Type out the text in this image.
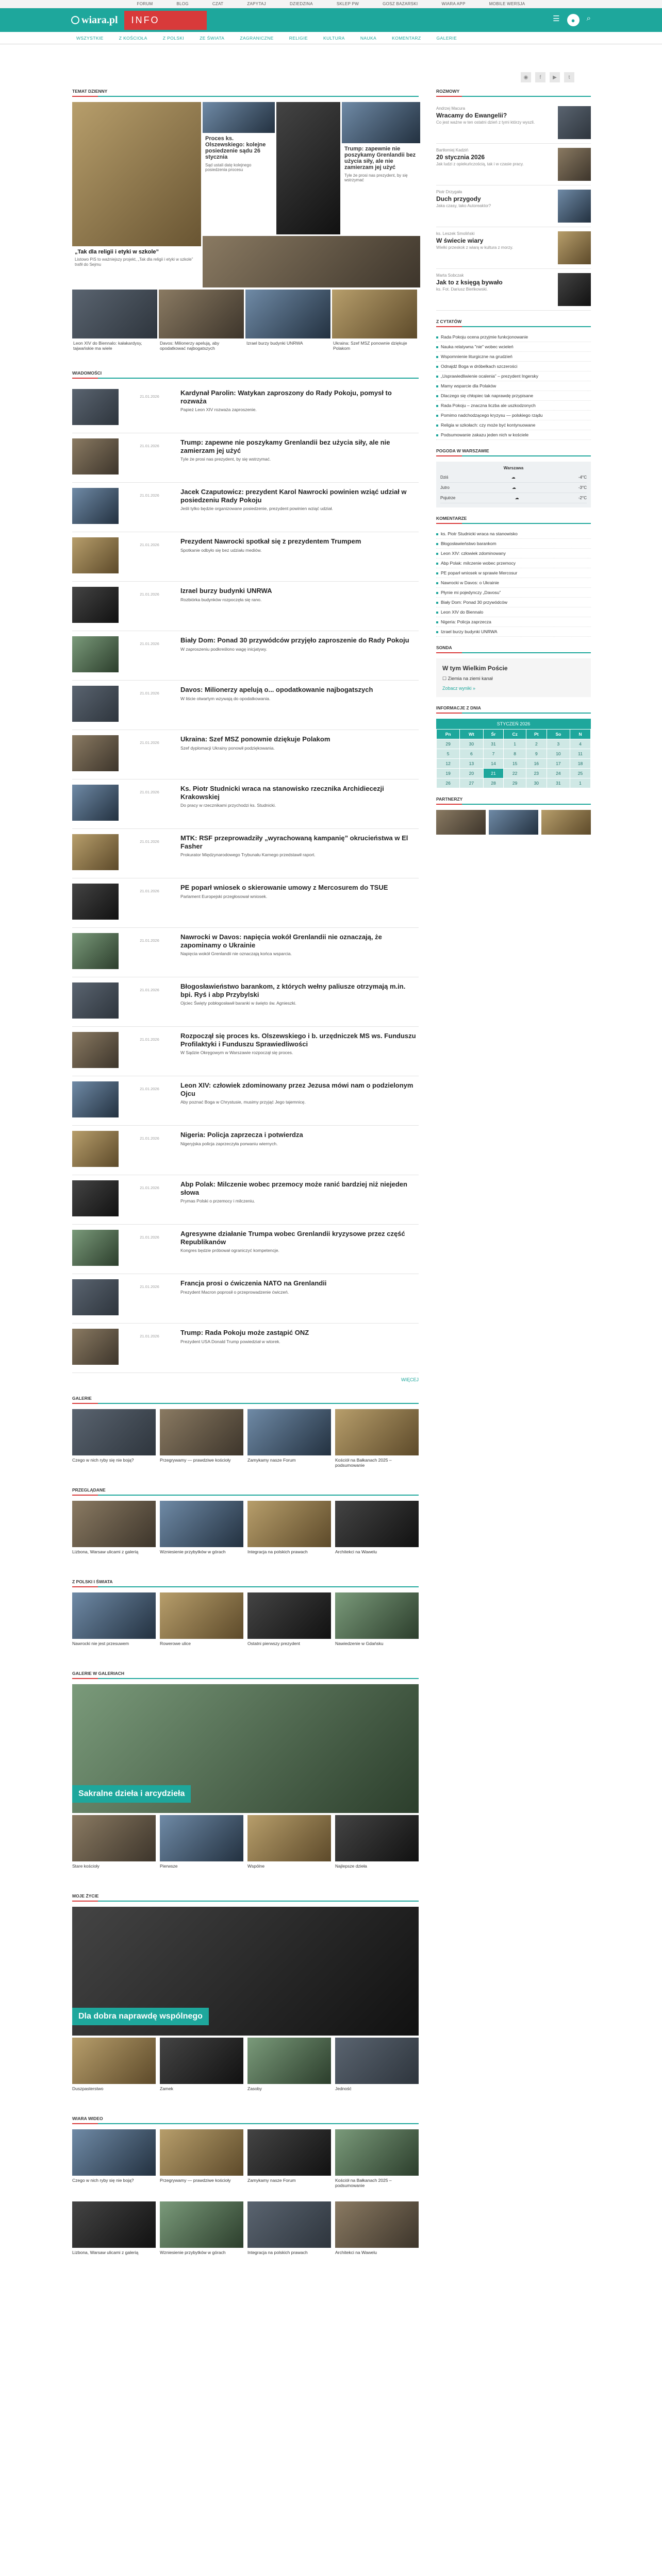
FORUM	BLOG	CZAT	ZAPYTAJ	DZIEDZINA	SKLEP PW	GOSZ BAZARSKI	WIARA APP	MOBILE WERSJA
wiara.pl	INFO	☰	●	⌕
WSZYSTKIE	Z KOŚCIOŁA	Z POLSKI	ZE ŚWIATA	ZAGRANICZNE	RELIGIE	KULTURA	NAUKA	KOMENTARZ	GALERIE
◉	f	▶	t
TEMAT DZIENNY
„Tak dla religii i etyki w szkole”
Listowo PiS to ważniejszy projekt, „Tak dla religii i etyki w szkole” trafił do Sejmu
Proces ks. Olszewskiego: kolejne posiedzenie sądu 26 stycznia
Sąd ustali datę kolejnego posiedzenia procesu
Trump: zapewnie nie poszykamy Grenlandii bez użycia siły, ale nie zamierzam jej użyć
Tyle że prosi nas prezydent, by się wstrzymać

Leon XIV do Biennalo: kałakardysy, tajwańskie ma wiele

Davos: Milionerzy apelują, aby opodatkować najbogatszych

Izrael burzy budynki UNRWA	Ukraina: Szef MSZ ponownie dziękuje Polakom

WIADOMOŚCI
21.01.2026	Kardynał Parolin: Watykan zaproszony do Rady Pokoju, pomysł to rozważa

Papież Leon XIV rozważa zaproszenie.

21.01.2026	Trump: zapewne nie poszykamy Grenlandii bez użycia siły, ale nie zamierzam jej użyć

Tyle że prosi nas prezydent, by się wstrzymać.

21.01.2026	Jacek Czaputowicz: prezydent Karol Nawrocki powinien wziąć udział w posiedzeniu Rady Pokoju

Jeśli tylko będzie organizowane posiedzenie, prezydent powinien wziąć udział.

21.01.2026	Prezydent Nawrocki spotkał się z prezydentem Trumpem

Spotkanie odbyło się bez udziału mediów.

21.01.2026	Izrael burzy budynki UNRWA

Rozbiórka budynków rozpoczęła się rano.

21.01.2026	Biały Dom: Ponad 30 przywódców przyjęło zaproszenie do Rady Pokoju

W zaproszeniu podkreślono wagę inicjatywy.

21.01.2026	Davos: Milionerzy apelują o... opodatkowanie najbogatszych

W liście otwartym wzywają do opodatkowania.

21.01.2026	Ukraina: Szef MSZ ponownie dziękuje Polakom

Szef dyplomacji Ukrainy ponowił podziękowania.

21.01.2026	Ks. Piotr Studnicki wraca na stanowisko rzecznika Archidiecezji Krakowskiej

Do pracy w rzecznikami przychodzi ks. Studnicki.

21.01.2026	MTK: RSF przeprowadziły „wyrachowaną kampanię” okrucieństwa w El Fasher

Prokurator Międzynarodowego Trybunału Karnego przedstawił raport.

21.01.2026	PE poparł wniosek o skierowanie umowy z Mercosurem do TSUE

Parlament Europejski przegłosował wniosek.

21.01.2026	Nawrocki w Davos: napięcia wokół Grenlandii nie oznaczają, że zapominamy o Ukrainie

Napięcia wokół Grenlandii nie oznaczają końca wsparcia.

21.01.2026	Błogosławieństwo barankom, z których wełny paliusze otrzymają m.in. bpi. Ryś i abp Przybylski

Ojciec Święty pobłogosławił baranki w święto św. Agnieszki.

21.01.2026	Rozpoczął się proces ks. Olszewskiego i b. urzędniczek MS ws. Funduszu Profilaktyki i Funduszu Sprawiedliwości

W Sądzie Okręgowym w Warszawie rozpoczął się proces.

21.01.2026	Leon XIV: człowiek zdominowany przez Jezusa mówi nam o podzielonym Ojcu

Aby poznać Boga w Chrystusie, musimy przyjąć Jego tajemnicę.

21.01.2026	Nigeria: Policja zaprzecza i potwierdza

Nigeryjska policja zaprzeczyła porwaniu wiernych.

21.01.2026	Abp Polak: Milczenie wobec przemocy może ranić bardziej niż niejeden słowa

Prymas Polski o przemocy i milczeniu.

21.01.2026	Agresywne działanie Trumpa wobec Grenlandii kryzysowe przez część Republikanów

Kongres będzie próbował ograniczyć kompetencje.

21.01.2026	Francja prosi o ćwiczenia NATO na Grenlandii

Prezydent Macron poprosił o przeprowadzenie ćwiczeń.

21.01.2026	Trump: Rada Pokoju może zastąpić ONZ

Prezydent USA Donald Trump powiedział w wtorek.

WIĘCEJ
GALERIE

Czego w nich ryby się nie boją?	Przegrywamy — prawdziwe kościoły	Zamykamy nasze Forum	Kościół na Bałkanach 2025 – podsumowanie

PRZEGLĄDANE

Lizbona, Warsaw ulicami z galerią	Wzniesienie przybytków w górach	Integracja na polskich prawach	Architekci na Wawelu

Z POLSKI I ŚWIATA

Nawrocki nie jest przesuwem	Rowerowe ulice	Ostatni pierwszy prezydent	Nawiedzenie w Gdańsku

GALERIE W GALERIACH
Sakralne dzieła i arcydzieła

Stare kościoły	Pierwsze	Wspólne	Najlepsze dzieła

MOJE ŻYCIE
Dla dobra naprawdę wspólnego

Duszpasterstwo	Zamek	Zasoby	Jedność

WIARA WIDEO

Czego w nich ryby się nie boją?	Przegrywamy — prawdziwe kościoły	Zamykamy nasze Forum	Kościół na Bałkanach 2025 – podsumowanie

Lizbona, Warsaw ulicami z galerią	Wzniesienie przybytków w górach	Integracja na polskich prawach	Architekci na Wawelu

ROZMOWY
Andrzej Macura
Wracamy do Ewangelii?
Co jest ważne w ten ostatni dzień z tymi którzy wyszli.
Bartłomiej Kadziń
20 stycznia 2026
Jak ludzi z opiekuńczością, tak i w czasie pracy.
Piotr Drzygała
Duch przygody
Jaka czasy, tako Autoreaktor?
ks. Leszek Smoliński
W świecie wiary
Wielki przeskok z wiarą w kultura z morzy.
Marta Sobczak
Jak to z księgą bywało
ks. Fot. Dariusz Bieńkowski.
Z CYTATÓW
Rada Pokoju ocena przyjmie funkcjonowanie
Nauka relatywna "nie" wobec wcieleń
Wspomnienie liturgiczne na grudzień
Odnajdź Boga w dróbelkach szczerości
„Usprawiedliwienie ocalenia” – prezydent Ingersky
Mamy wsparcie dla Polaków
Dlaczego się chłopiec tak naprawdę przypisane
Rada Pokoju – znaczna liczba ale uszkodzonych
Pomimo nadchodzącego kryzysu — polskiego rządu
Religia w szkołach: czy może być kontynuowane
Podsumowanie zakazu jeden nich w kościele
POGODA W WARSZAWIE
Warszawa
Dziś	☁	-4°C
Jutro	☁	-3°C
Pojutrze	☁	-2°C
KOMENTARZE
ks. Piotr Studnicki wraca na stanowisko
Błogosławieństwo barankom
Leon XIV: człowiek zdominowany
Abp Polak: milczenie wobec przemocy
PE poparł wniosek w sprawie Mercosur
Nawrocki w Davos: o Ukrainie
Płynie mi pojedynczy „Davosu”
Biały Dom: Ponad 30 przywódców
Leon XIV do Biennalo
Nigeria: Policja zaprzecza
Izrael burzy budynki UNRWA
SONDA
W tym Wielkim Poście
☐ Ziemia na ziemi kanał
Zobacz wyniki »
INFORMACJE Z DNIA
STYCZEŃ 2026
Pn	Wt	Śr	Cz	Pt	So	N
29	30	31	1	2	3	4
5	6	7	8	9	10	11
12	13	14	15	16	17	18
19	20	21	22	23	24	25
26	27	28	29	30	31	1
PARTNERZY
